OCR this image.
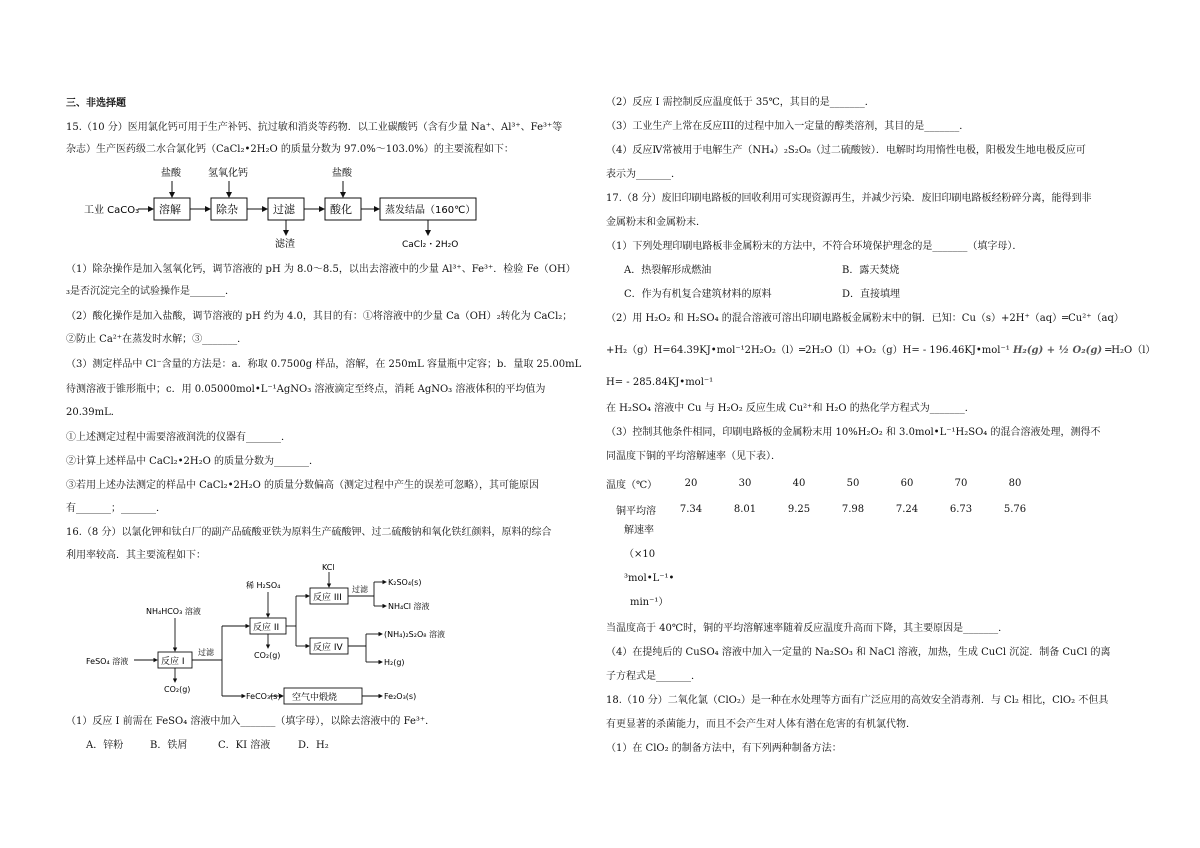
三、非选择题
15.（10 分）医用氯化钙可用于生产补钙、抗过敏和消炎等药物．以工业碳酸钙（含有少量 Na⁺、Al³⁺、Fe³⁺等
杂志）生产医药级二水合氯化钙（CaCl₂•2H₂O 的质量分数为 97.0%～103.0%）的主要流程如下：
工业 CaCO₃ 溶解	除杂	过滤	酸化	蒸发结晶（160℃）
盐酸	氢氧化钙	盐酸
滤渣	CaCl₂・2H₂O
（1）除杂操作是加入氢氧化钙，调节溶液的 pH 为 8.0～8.5，以出去溶液中的少量 Al³⁺、Fe³⁺．检验 Fe（OH）
₃是否沉淀完全的试验操作是_______．
（2）酸化操作是加入盐酸，调节溶液的 pH 约为 4.0，其目的有：①将溶液中的少量 Ca（OH）₂转化为 CaCl₂；
②防止 Ca²⁺在蒸发时水解；③_______．
（3）测定样品中 Cl⁻含量的方法是：a．称取 0.7500g 样品，溶解，在 250mL 容量瓶中定容；b．量取 25.00mL
待测溶液于锥形瓶中；c．用 0.05000mol•L⁻¹AgNO₃ 溶液滴定至终点，消耗 AgNO₃ 溶液体积的平均值为
20.39mL．
①上述测定过程中需要溶液润洗的仪器有_______．
②计算上述样品中 CaCl₂•2H₂O 的质量分数为_______．
③若用上述办法测定的样品中 CaCl₂•2H₂O 的质量分数偏高（测定过程中产生的误差可忽略），其可能原因
有_______；_______．
16.（8 分）以氯化钾和钛白厂的副产品硫酸亚铁为原料生产硫酸钾、过二硫酸钠和氧化铁红颜料，原料的综合
利用率较高．其主要流程如下：
FeSO₄ 溶液
NH₄HCO₃ 溶液
反应 I
CO₂(g)
过滤
稀 H₂SO₄
反应 II
CO₂(g)
KCl
反应 III
过滤
K₂SO₄(s)
NH₄Cl 溶液
反应 IV
(NH₄)₂S₂O₈ 溶液
H₂(g)
FeCO₃(s) 空气中煅烧	Fe₂O₃(s)
（1）反应 I 前需在 FeSO₄ 溶液中加入_______（填字母），以除去溶液中的 Fe³⁺．
A．锌粉	B．铁屑	C．KI 溶液	D．H₂
（2）反应 I 需控制反应温度低于 35℃，其目的是_______．
（3）工业生产上常在反应III的过程中加入一定量的醇类溶剂，其目的是_______．
（4）反应Ⅳ常被用于电解生产（NH₄）₂S₂O₈（过二硫酸铵）．电解时均用惰性电极，阳极发生地电极反应可
表示为_______．
17.（8 分）废旧印刷电路板的回收利用可实现资源再生，并减少污染．废旧印刷电路板经粉碎分离，能得到非
金属粉末和金属粉末．
（1）下列处理印刷电路板非金属粉末的方法中，不符合环境保护理念的是_______（填字母）．
A．热裂解形成燃油	B．露天焚烧
C．作为有机复合建筑材料的原料	D．直接填埋
（2）用 H₂O₂ 和 H₂SO₄ 的混合溶液可溶出印刷电路板金属粉末中的铜．已知：Cu（s）+2H⁺（aq）═Cu²⁺（aq）
+H₂（g）H=64.39KJ•mol⁻¹2H₂O₂（l）═2H₂O（l）+O₂（g）H= - 196.46KJ•mol⁻¹ H₂(g) + ½ O₂(g) ═H₂O（l）
H= - 285.84KJ•mol⁻¹
在 H₂SO₄ 溶液中 Cu 与 H₂O₂ 反应生成 Cu²⁺和 H₂O 的热化学方程式为_______．
（3）控制其他条件相同，印刷电路板的金属粉末用 10%H₂O₂ 和 3.0mol•L⁻¹H₂SO₄ 的混合溶液处理，测得不
同温度下铜的平均溶解速率（见下表）．
温度（℃）	20	30	40	50	60	70	80
铜平均溶	7.34	8.01	9.25	7.98	7.24	6.73	5.76
解速率
（×10
³mol•L⁻¹•
min⁻¹）
当温度高于 40℃时，铜的平均溶解速率随着反应温度升高而下降，其主要原因是_______．
（4）在提纯后的 CuSO₄ 溶液中加入一定量的 Na₂SO₃ 和 NaCl 溶液，加热，生成 CuCl 沉淀．制备 CuCl 的离
子方程式是_______．
18.（10 分）二氧化氯（ClO₂）是一种在水处理等方面有广泛应用的高效安全消毒剂．与 Cl₂ 相比，ClO₂ 不但具
有更显著的杀菌能力，而且不会产生对人体有潜在危害的有机氯代物．
（1）在 ClO₂ 的制备方法中，有下列两种制备方法：
